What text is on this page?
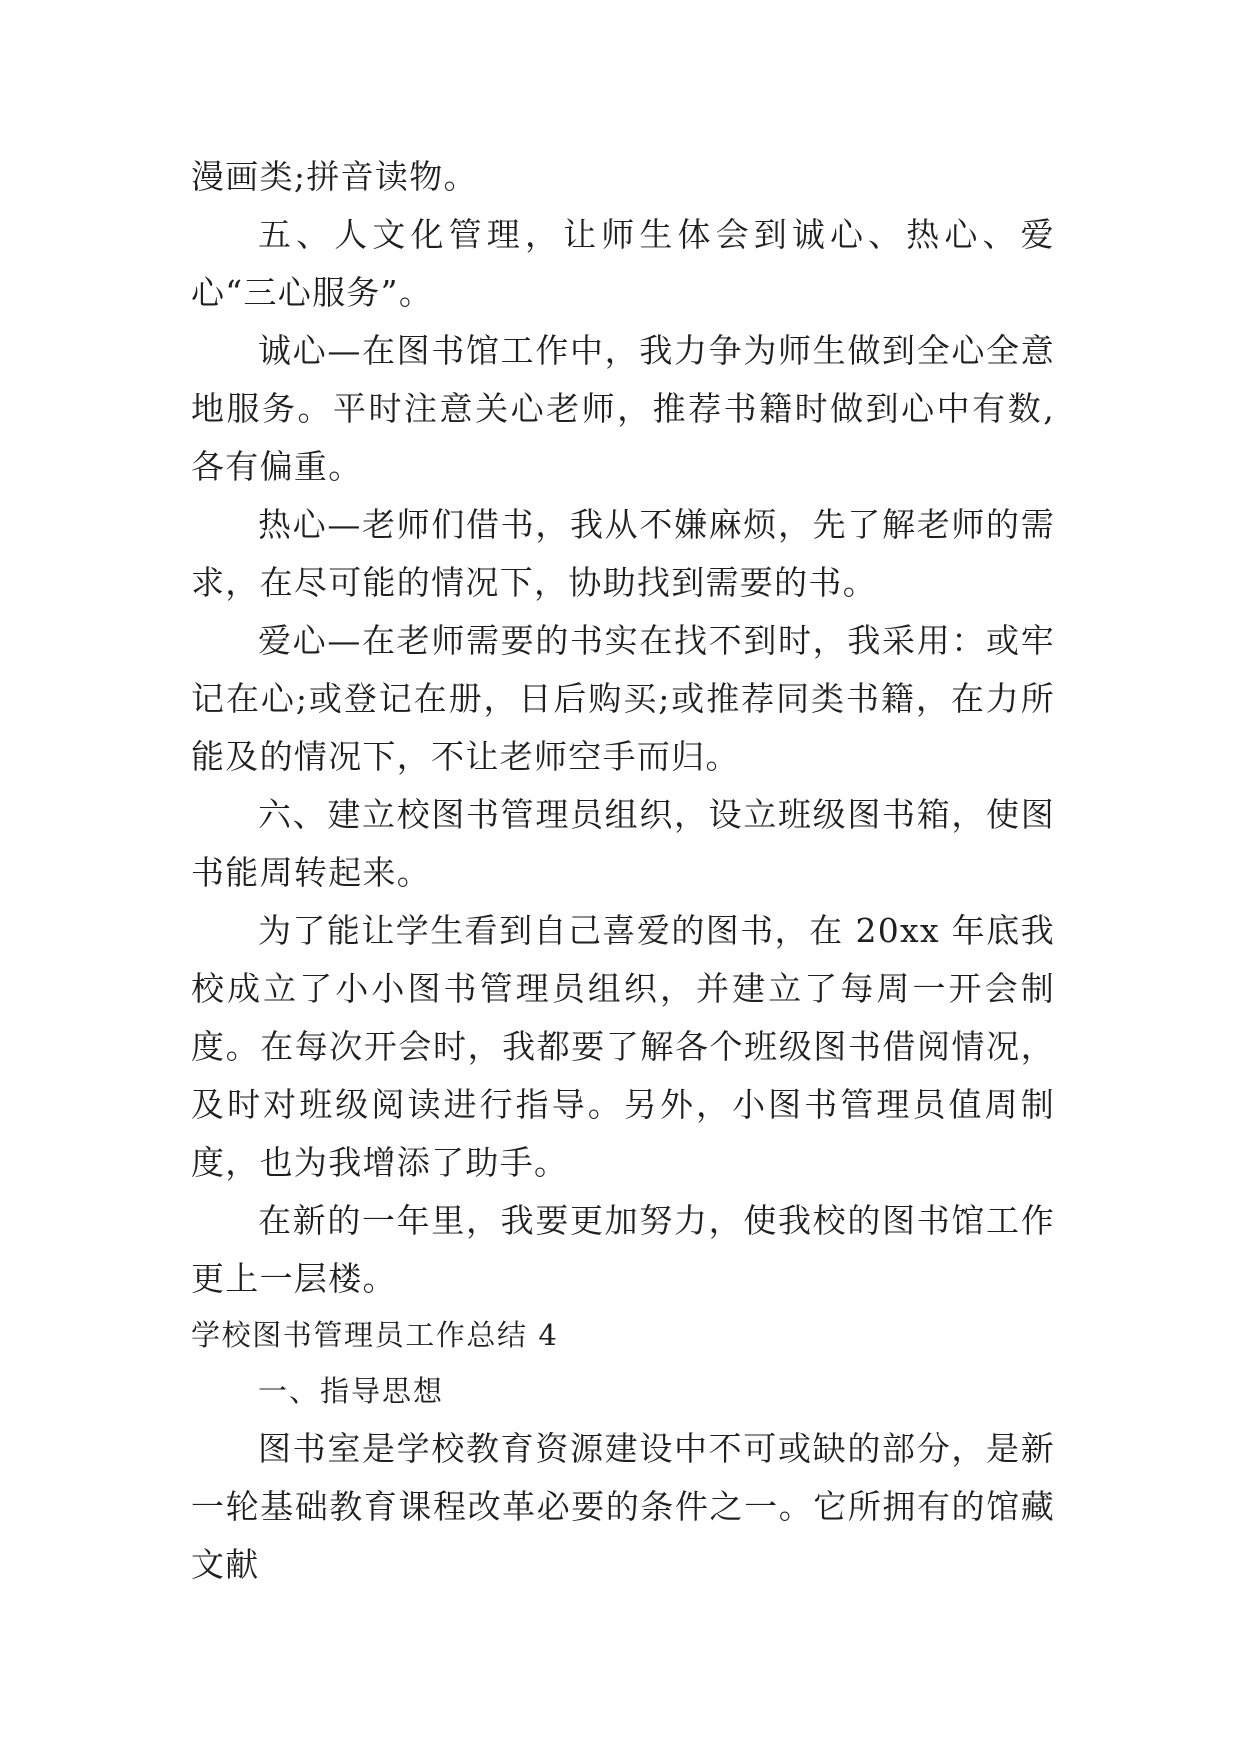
漫画类;拼音读物。

五、人文化管理，让师生体会到诚心、热心、爱心“三心服务”。

诚心—在图书馆工作中，我力争为师生做到全心全意地服务。平时注意关心老师，推荐书籍时做到心中有数,各有偏重。

热心—老师们借书，我从不嫌麻烦，先了解老师的需求，在尽可能的情况下，协助找到需要的书。

爱心—在老师需要的书实在找不到时，我采用：或牢记在心;或登记在册，日后购买;或推荐同类书籍，在力所能及的情况下，不让老师空手而归。

六、建立校图书管理员组织，设立班级图书箱，使图书能周转起来。

为了能让学生看到自己喜爱的图书，在 20xx 年底我校成立了小小图书管理员组织，并建立了每周一开会制度。在每次开会时，我都要了解各个班级图书借阅情况，及时对班级阅读进行指导。另外，小图书管理员值周制度，也为我增添了助手。

在新的一年里，我要更加努力，使我校的图书馆工作更上一层楼。

学校图书管理员工作总结 4

一、指导思想

图书室是学校教育资源建设中不可或缺的部分，是新一轮基础教育课程改革必要的条件之一。它所拥有的馆藏文献
